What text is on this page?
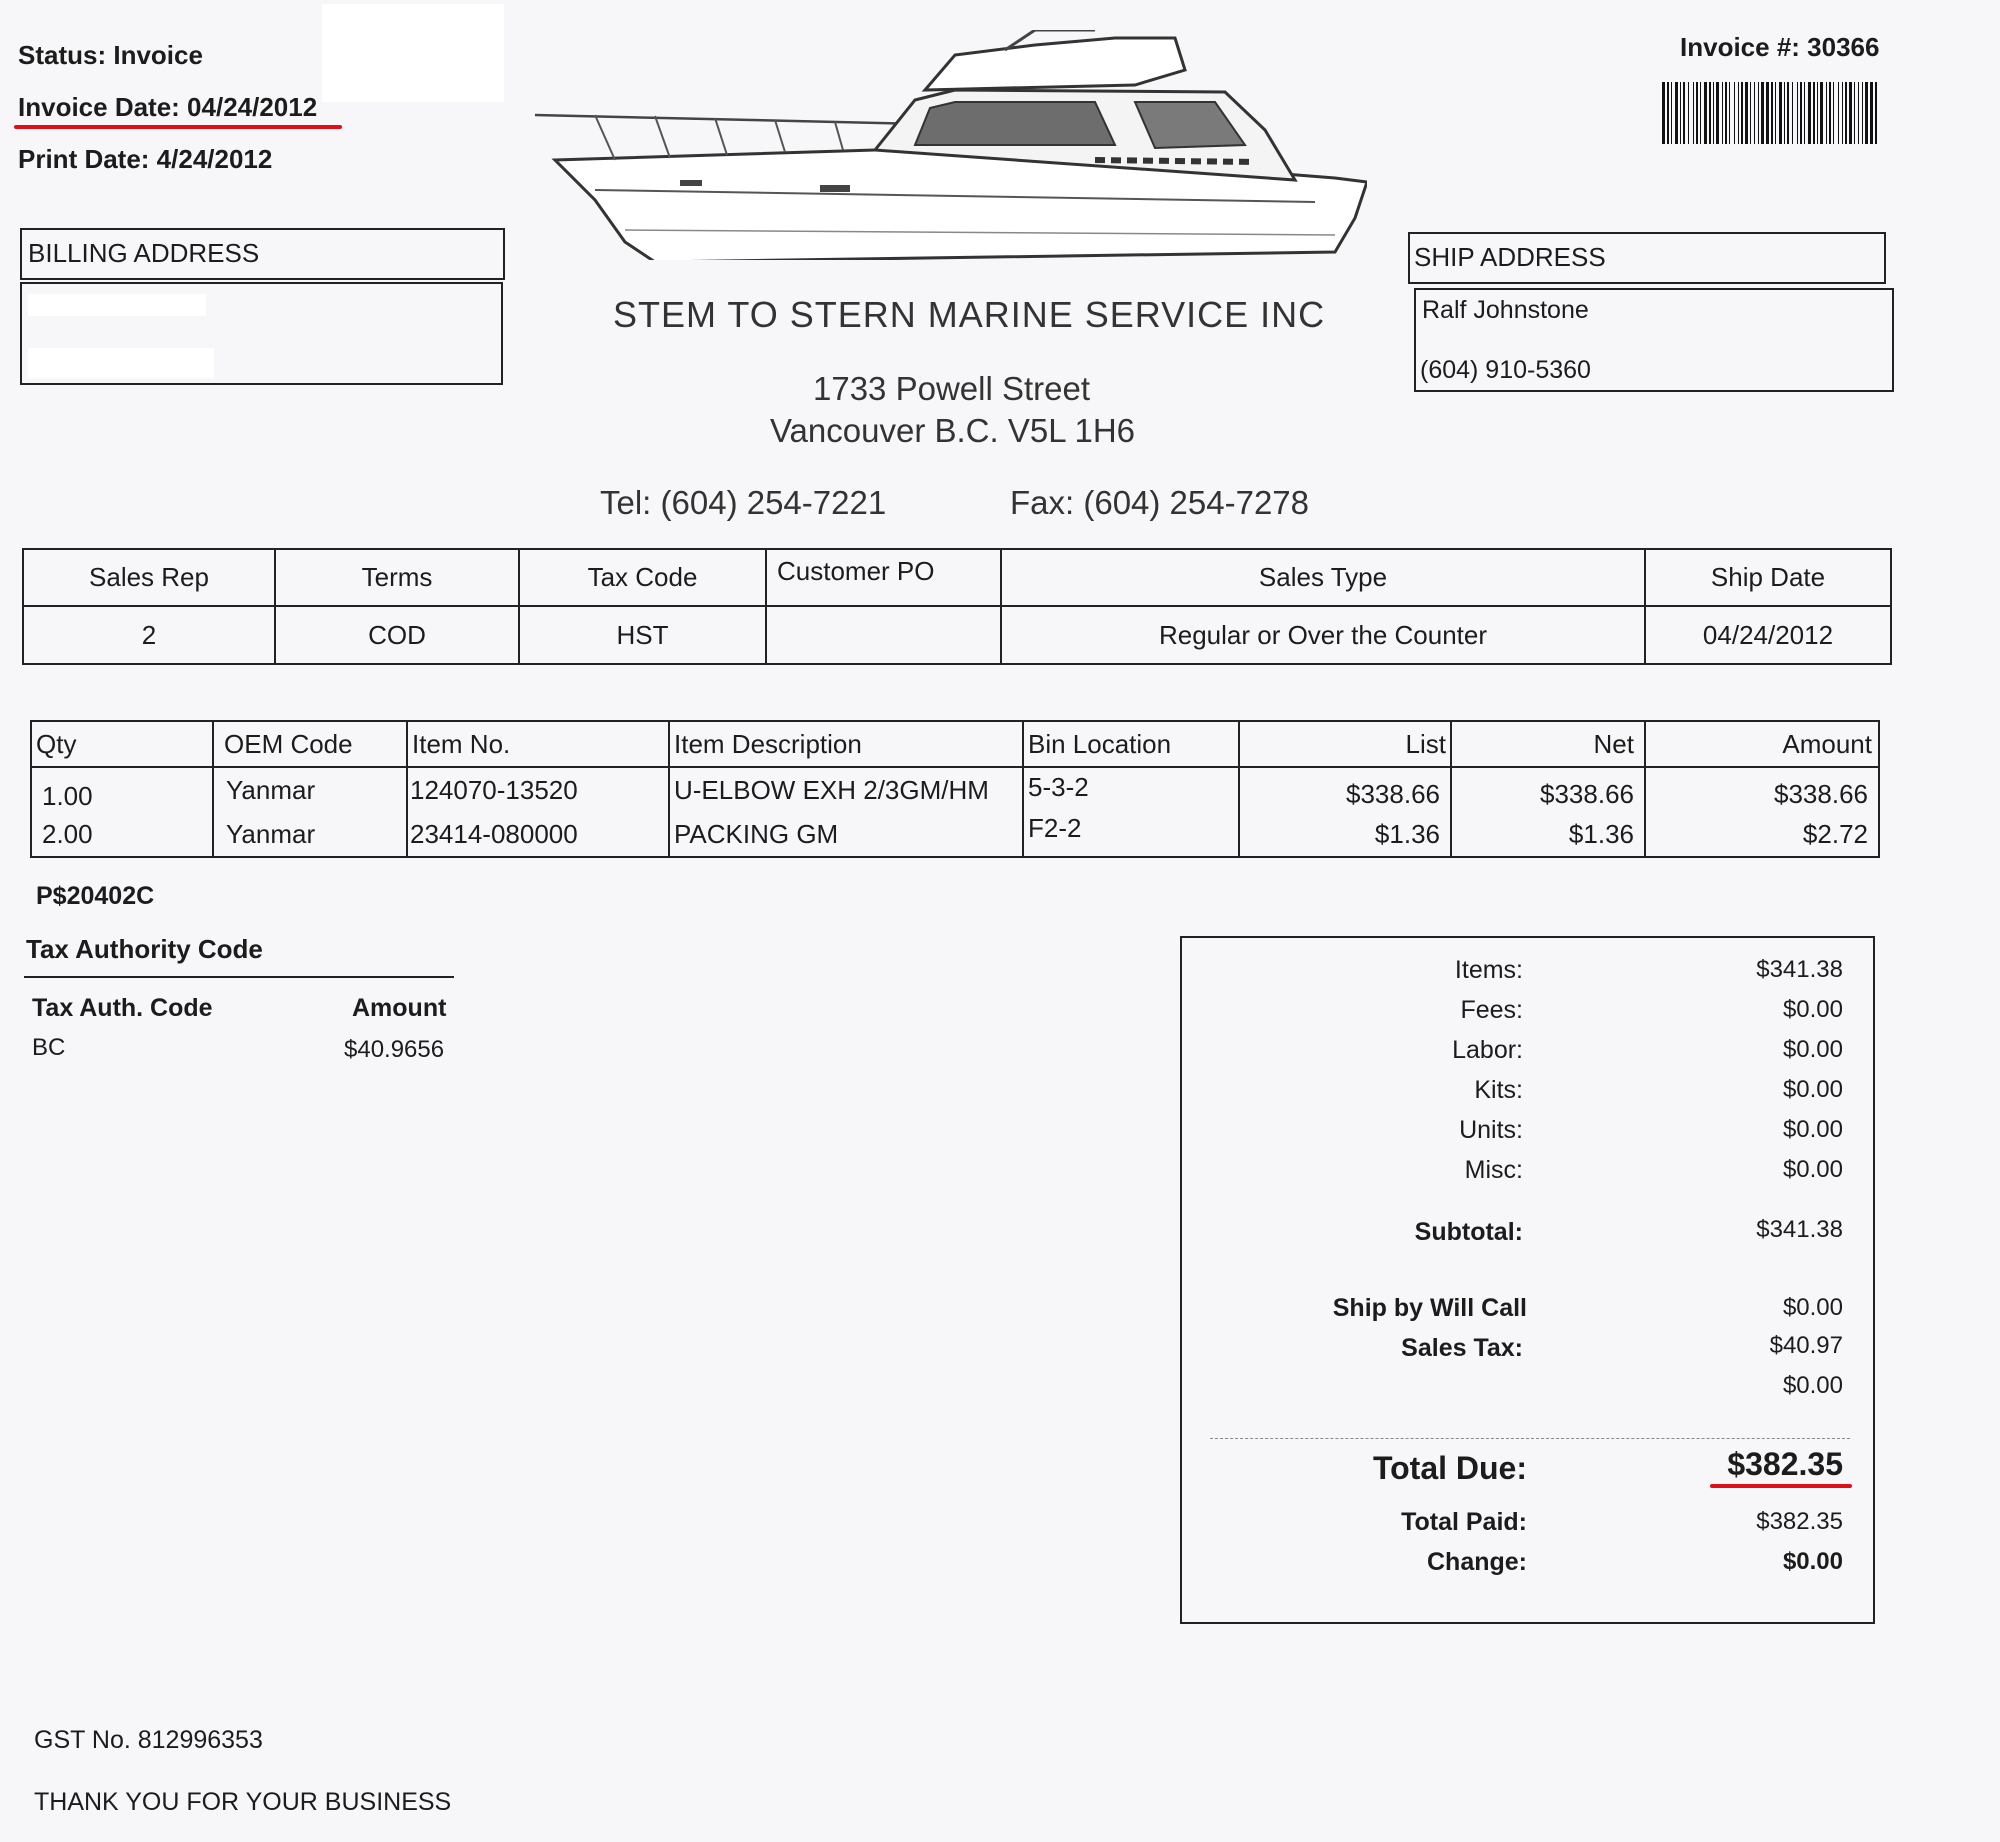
Status: Invoice
Invoice Date: 04/24/2012
Print Date: 4/24/2012
Invoice #: 30366
STEM TO STERN MARINE SERVICE INC
1733 Powell Street
Vancouver B.C. V5L 1H6
Tel: (604) 254-7221	Fax: (604) 254-7278
BILLING ADDRESS	SHIP ADDRESS
Ralf Johnstone
(604) 910-5360
Sales Rep	Terms	Tax Code	Customer PO	Sales Type	Ship Date
2	COD	HST		Regular or Over the Counter	04/24/2012
Qty	OEM Code	Item No.	Item Description	Bin Location	List	Net	Amount
1.00	Yanmar	124070-13520	U-ELBOW EXH 2/3GM/HM	5-3-2	$338.66	$338.66	$338.66
2.00	Yanmar	23414-080000	PACKING GM	F2-2	$1.36	$1.36	$2.72
P$20402C
Tax Authority Code
Tax Auth. Code	Amount
BC	$40.9656
Items:	$341.38
Fees:	$0.00
Labor:	$0.00
Kits:	$0.00
Units:	$0.00
Misc:	$0.00
Subtotal:	$341.38
Ship by Will Call	$0.00
Sales Tax:	$40.97
$0.00
Total Due:	$382.35
Total Paid:	$382.35
Change:	$0.00
GST No. 812996353
THANK YOU FOR YOUR BUSINESS
